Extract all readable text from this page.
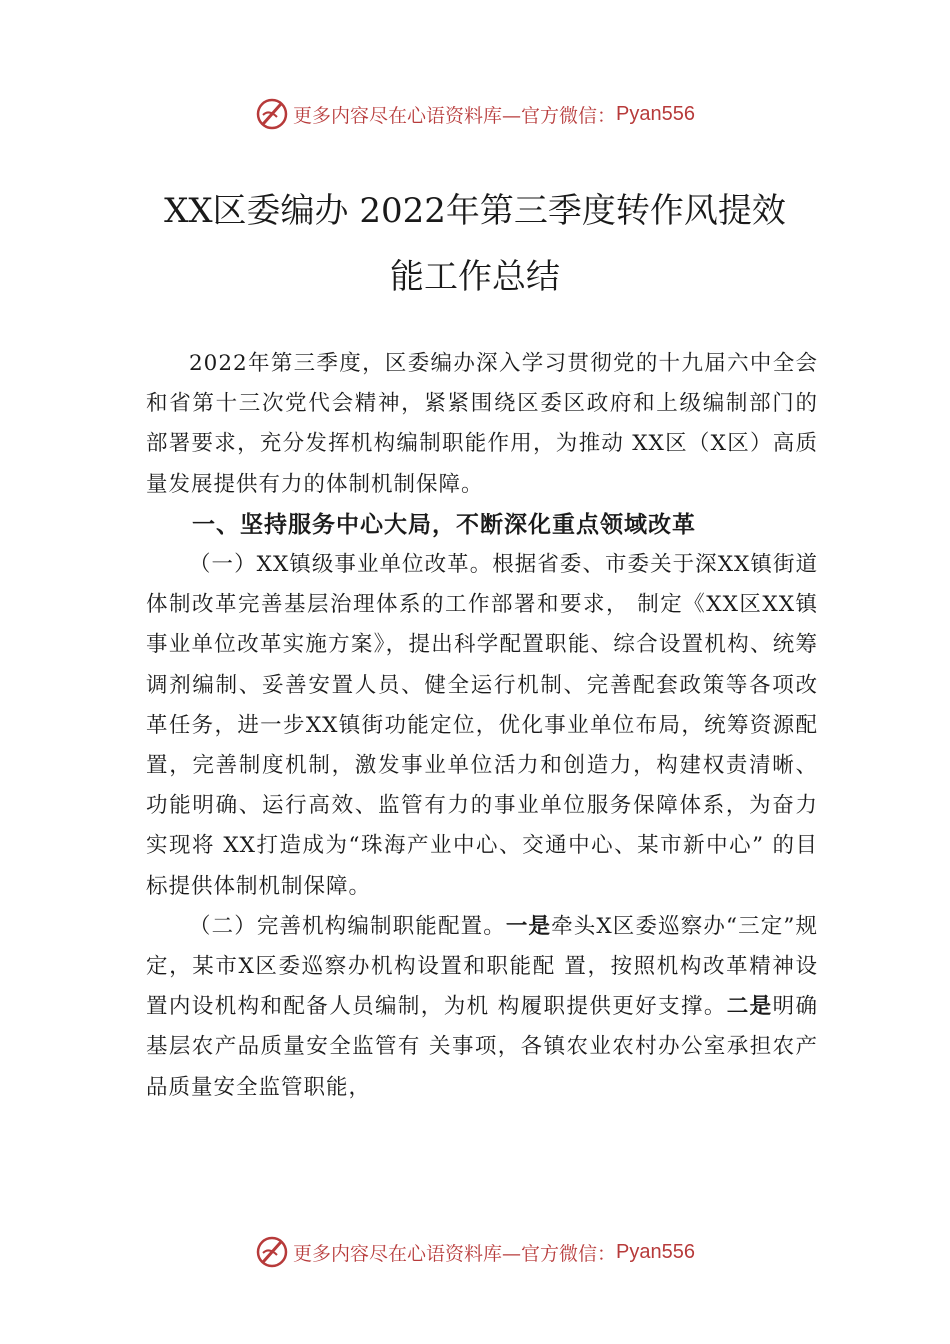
更多内容尽在心语资料库—官方微信： Pyan556
XX区委编办 2022年第三季度转作风提效
能工作总结

2022年第三季度，区委编办深入学习贯彻党的十九届六中全会和省第十三次党代会精神，紧紧围绕区委区政府和上级编制部门的部署要求，充分发挥机构编制职能作用，为推动 XX区（X区）高质量发展提供有力的体制机制保障。

一、坚持服务中心大局，不断深化重点领域改革

（一）XX镇级事业单位改革。根据省委、市委关于深XX镇街道体制改革完善基层治理体系的工作部署和要求， 制定《XX区XX镇事业单位改革实施方案》，提出科学配置职能、综合设置机构、统筹调剂编制、妥善安置人员、健全运行机制、完善配套政策等各项改革任务，进一步XX镇街功能定位，优化事业单位布局，统筹资源配置，完善制度机制，激发事业单位活力和创造力，构建权责清晰、功能明确、运行高效、监管有力的事业单位服务保障体系，为奋力实现将 XX打造成为“珠海产业中心、交通中心、某市新中心” 的目标提供体制机制保障。

（二）完善机构编制职能配置。一是牵头X区委巡察办“三定”规定，某市X区委巡察办机构设置和职能配 置，按照机构改革精神设置内设机构和配备人员编制，为机 构履职提供更好支撑。二是明确基层农产品质量安全监管有 关事项，各镇农业农村办公室承担农产品质量安全监管职能，

更多内容尽在心语资料库—官方微信： Pyan556
